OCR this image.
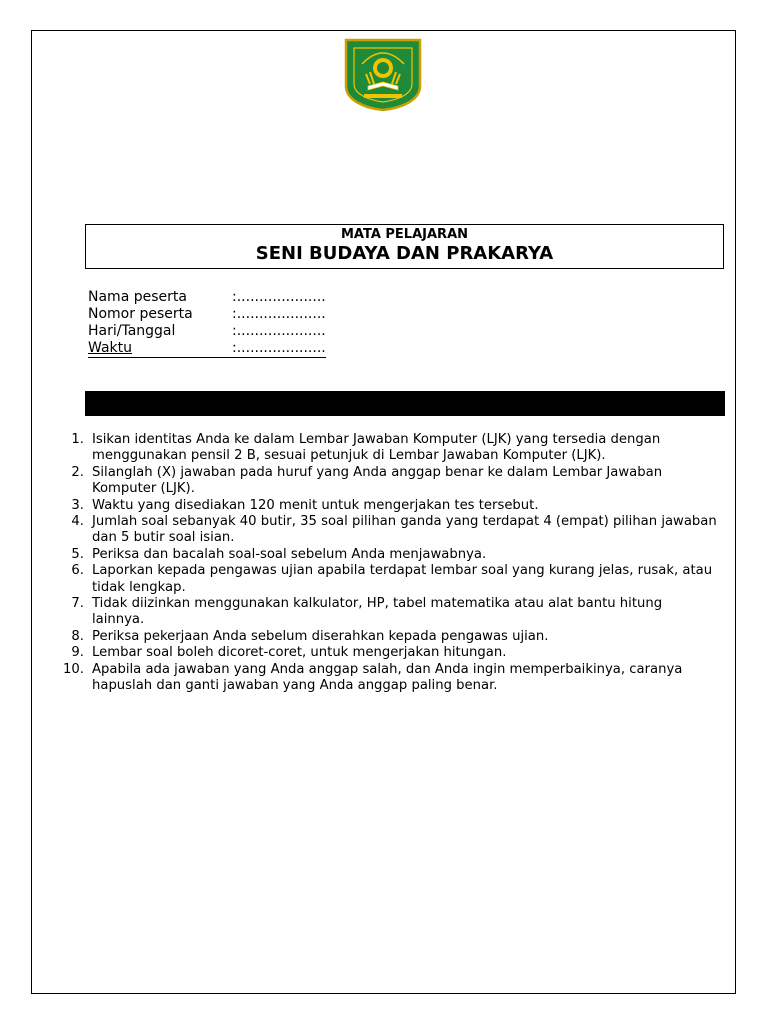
MATA PELAJARAN
SENI BUDAYA DAN PRAKARYA
Nama peserta	:....................
Nomor peserta	:....................
Hari/Tanggal	:....................
Waktu	:....................
1. Isikan identitas Anda ke dalam Lembar Jawaban Komputer (LJK) yang tersedia dengan menggunakan pensil 2 B, sesuai petunjuk di Lembar Jawaban Komputer (LJK).
2. Silanglah (X) jawaban pada huruf yang Anda anggap benar ke dalam Lembar Jawaban Komputer (LJK).
3. Waktu yang disediakan 120 menit untuk mengerjakan tes tersebut.
4. Jumlah soal sebanyak 40 butir, 35 soal pilihan ganda yang terdapat 4 (empat) pilihan jawaban dan 5 butir soal isian.
5. Periksa dan bacalah soal-soal sebelum Anda menjawabnya.
6. Laporkan kepada pengawas ujian apabila terdapat lembar soal yang kurang jelas, rusak, atau tidak lengkap.
7. Tidak diizinkan menggunakan kalkulator, HP, tabel matematika atau alat bantu hitung lainnya.
8. Periksa pekerjaan Anda sebelum diserahkan kepada pengawas ujian.
9. Lembar soal boleh dicoret-coret, untuk mengerjakan hitungan.
10. Apabila ada jawaban yang Anda anggap salah, dan Anda ingin memperbaikinya, caranya hapuslah dan ganti jawaban yang Anda anggap paling benar.
